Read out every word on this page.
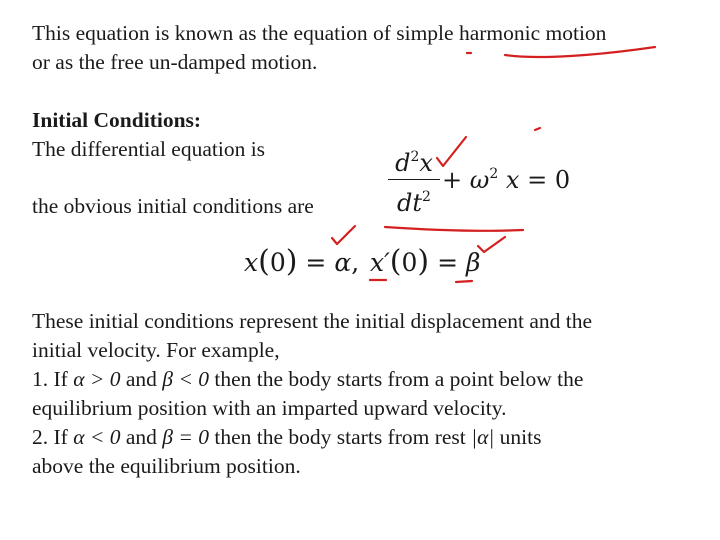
This equation is known as the equation of simple harmonic motion
or as the free un-damped motion.
Initial Conditions:
The differential equation is
the obvious initial conditions are
$d^2x$
$dt^2$
+ $\omega^2$ x = 0
x(0) = α, x′(0) = β
These initial conditions represent the initial displacement and the
initial velocity. For example,
1. If α > 0 and β < 0 then the body starts from a point below the
equilibrium position with an imparted upward velocity.
2. If α < 0 and β = 0 then the body starts from rest |α| units
above the equilibrium position.
